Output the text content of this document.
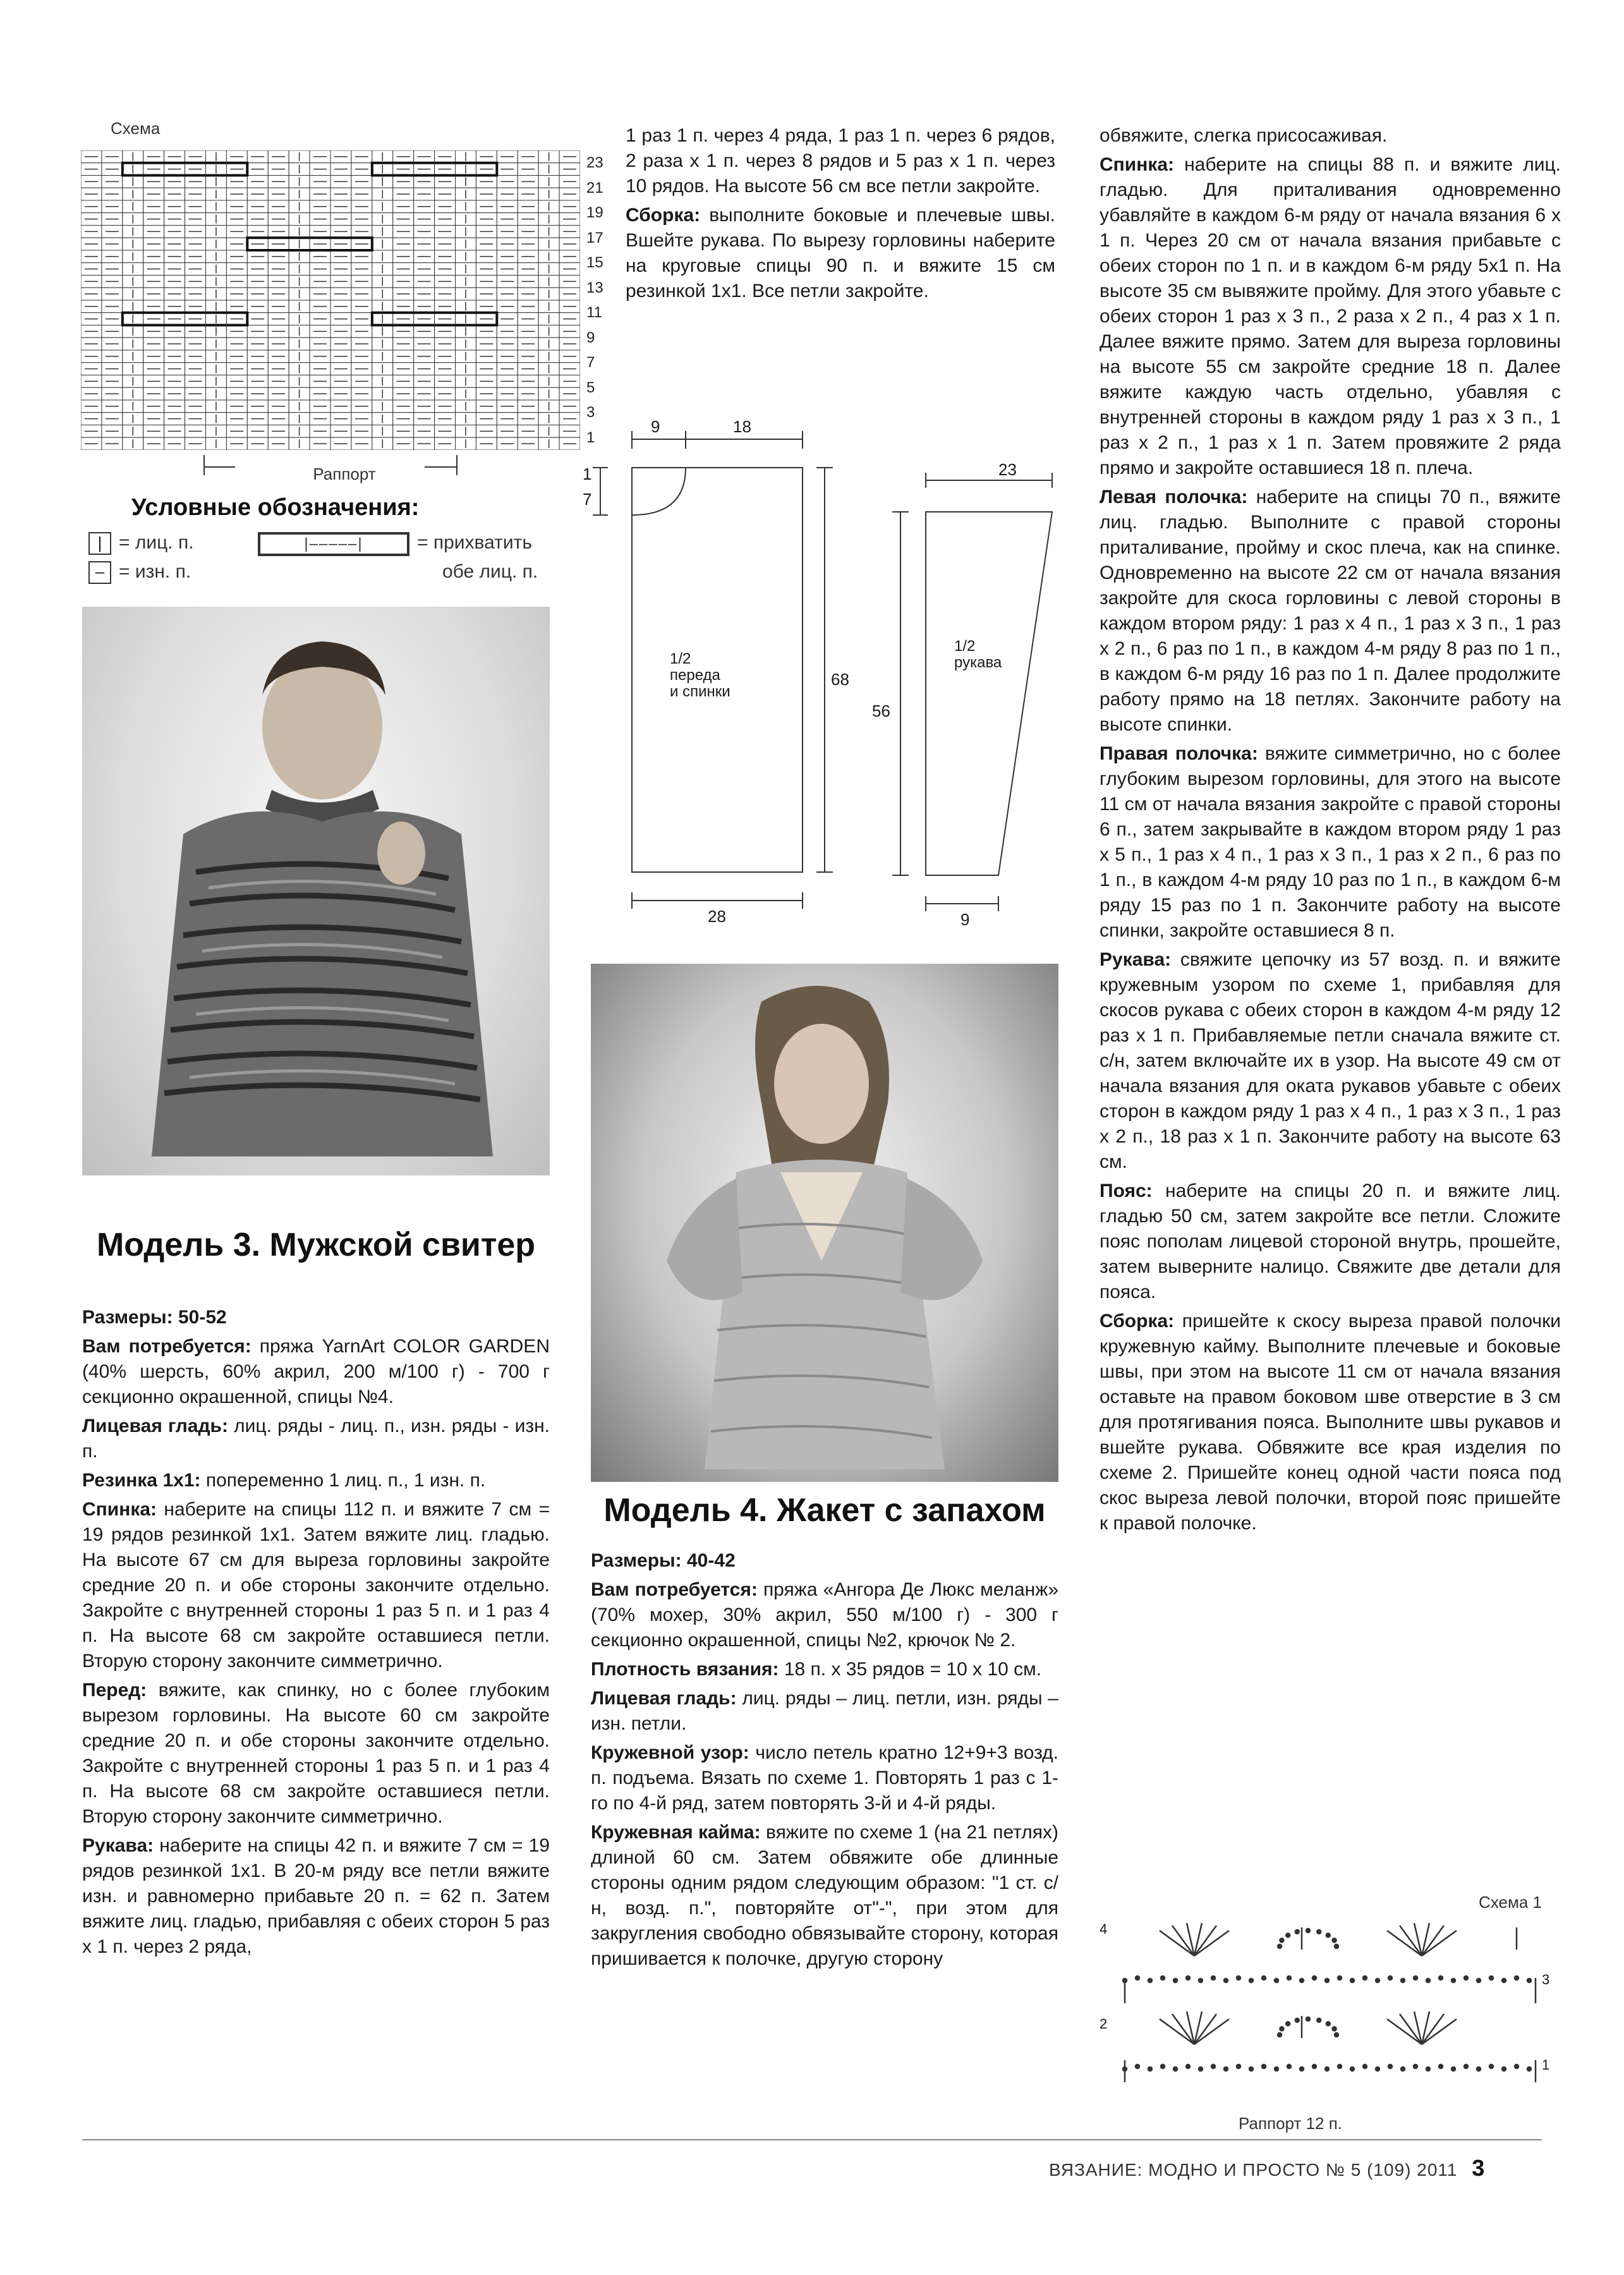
Схема
23
21
19
17
15
13
11
9
7
5
3
1
Раппорт
Условные обозначения:
| = лиц. п.
– = изн. п.
|–––––|	= прихватить
обе лиц. п.
Модель 3. Мужской свитер

Размеры: 50-52

Вам потребуется: пряжа YarnArt COLOR GARDEN (40% шерсть, 60% акрил, 200 м/100 г) - 700 г секционно окрашенной, спицы №4.

Лицевая гладь: лиц. ряды - лиц. п., изн. ряды - изн. п.

Резинка 1х1: попеременно 1 лиц. п., 1 изн. п.

Спинка: наберите на спицы 112 п. и вяжите 7 см = 19 рядов резинкой 1х1. Затем вяжите лиц. гладью. На высоте 67 см для выреза горловины закройте средние 20 п. и обе стороны закончите отдельно. Закройте с внутренней стороны 1 раз 5 п. и 1 раз 4 п. На высоте 68 см закройте оставшиеся петли. Вторую сторону закончите симметрично.

Перед: вяжите, как спинку, но с более глубоким вырезом горловины. На высоте 60 см закройте средние 20 п. и обе стороны закончите отдельно. Закройте с внутренней стороны 1 раз 5 п. и 1 раз 4 п. На высоте 68 см закройте оставшиеся петли. Вторую сторону закончите симметрично.

Рукава: наберите на спицы 42 п. и вяжите 7 см = 19 рядов резинкой 1х1. В 20-м ряду все петли вяжите изн. и равномерно прибавьте 20 п. = 62 п. Затем вяжите лиц. гладью, прибавляя с обеих сторон 5 раз х 1 п. через 2 ряда,

1 раз 1 п. через 4 ряда, 1 раз 1 п. через 6 рядов, 2 раза х 1 п. через 8 рядов и 5 раз х 1 п. через 10 рядов. На высоте 56 см все петли закройте.

Сборка: выполните боковые и плечевые швы. Вшейте рукава. По вырезу горловины наберите на круговые спицы 90 п. и вяжите 15 см резинкой 1х1. Все петли закройте.

9	18
1
7
1/2
переда
и спинки
68
28
23
1/2
рукава
56
9
Модель 4. Жакет с запахом

Размеры: 40-42

Вам потребуется: пряжа «Ангора Де Люкс меланж» (70% мохер, 30% акрил, 550 м/100 г) - 300 г секционно окрашенной, спицы №2, крючок № 2.

Плотность вязания: 18 п. х 35 рядов = 10 х 10 см.

Лицевая гладь: лиц. ряды – лиц. петли, изн. ряды – изн. петли.

Кружевной узор: число петель кратно 12+9+3 возд. п. подъема. Вязать по схеме 1. Повторять 1 раз с 1-го по 4-й ряд, затем повторять 3-й и 4-й ряды.

Кружевная кайма: вяжите по схеме 1 (на 21 петлях) длиной 60 см. Затем обвяжите обе длинные стороны одним рядом следующим образом: "1 ст. с/н, возд. п.", повторяйте от"-", при этом для закругления свободно обвязывайте сторону, которая пришивается к полочке, другую сторону

обвяжите, слегка присосаживая.

Спинка: наберите на спицы 88 п. и вяжите лиц. гладью. Для приталивания одновременно убавляйте в каждом 6-м ряду от начала вязания 6 х 1 п. Через 20 см от начала вязания прибавьте с обеих сторон по 1 п. и в каждом 6-м ряду 5х1 п. На высоте 35 см вывяжите пройму. Для этого убавьте с обеих сторон 1 раз х 3 п., 2 раза х 2 п., 4 раз х 1 п. Далее вяжите прямо. Затем для выреза горловины на высоте 55 см закройте средние 18 п. Далее вяжите каждую часть отдельно, убавляя с внутренней стороны в каждом ряду 1 раз х 3 п., 1 раз х 2 п., 1 раз х 1 п. Затем провяжите 2 ряда прямо и закройте оставшиеся 18 п. плеча.

Левая полочка: наберите на спицы 70 п., вяжите лиц. гладью. Выполните с правой стороны приталивание, пройму и скос плеча, как на спинке. Одновременно на высоте 22 см от начала вязания закройте для скоса горловины с левой стороны в каждом втором ряду: 1 раз х 4 п., 1 раз х 3 п., 1 раз х 2 п., 6 раз по 1 п., в каждом 4-м ряду 8 раз по 1 п., в каждом 6-м ряду 16 раз по 1 п. Далее продолжите работу прямо на 18 петлях. Закончите работу на высоте спинки.

Правая полочка: вяжите симметрично, но с более глубоким вырезом горловины, для этого на высоте 11 см от начала вязания закройте с правой стороны 6 п., затем закрывайте в каждом втором ряду 1 раз х 5 п., 1 раз х 4 п., 1 раз х 3 п., 1 раз х 2 п., 6 раз по 1 п., в каждом 4-м ряду 10 раз по 1 п., в каждом 6-м ряду 15 раз по 1 п. Закончите работу на высоте спинки, закройте оставшиеся 8 п.

Рукава: свяжите цепочку из 57 возд. п. и вяжите кружевным узором по схеме 1, прибавляя для скосов рукава с обеих сторон в каждом 4-м ряду 12 раз х 1 п. Прибавляемые петли сначала вяжите ст. с/н, затем включайте их в узор. На высоте 49 см от начала вязания для оката рукавов убавьте с обеих сторон в каждом ряду 1 раз х 4 п., 1 раз х 3 п., 1 раз х 2 п., 18 раз х 1 п. Закончите работу на высоте 63 см.

Пояс: наберите на спицы 20 п. и вяжите лиц. гладью 50 см, затем закройте все петли. Сложите пояс пополам лицевой стороной внутрь, прошейте, затем выверните налицо. Свяжите две детали для пояса.

Сборка: пришейте к скосу выреза правой полочки кружевную кайму. Выполните плечевые и боковые швы, при этом на высоте 11 см от начала вязания оставьте на правом боковом шве отверстие в 3 см для протягивания пояса. Выполните швы рукавов и вшейте рукава. Обвяжите все края изделия по схеме 2. Пришейте конец одной части пояса под скос выреза левой полочки, второй пояс пришейте к правой полочке.

Схема 1
4
3
2
1
Раппорт 12 п.
ВЯЗАНИЕ: МОДНО И ПРОСТО № 5 (109) 2011 3
